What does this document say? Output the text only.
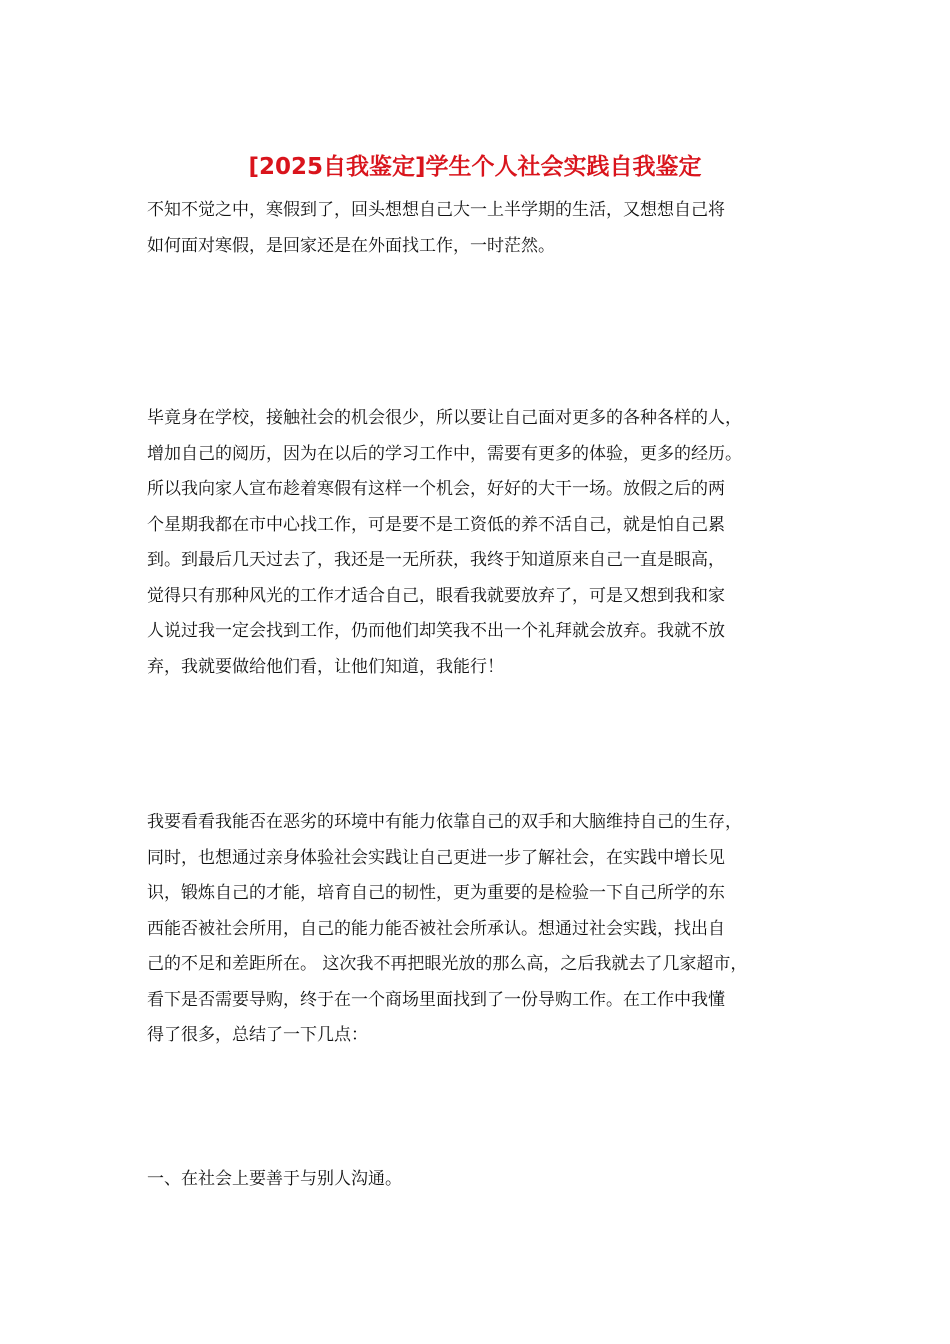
[2025自我鉴定]学生个人社会实践自我鉴定
不知不觉之中，寒假到了，回头想想自己大一上半学期的生活，又想想自己将
如何面对寒假，是回家还是在外面找工作，一时茫然。
毕竟身在学校，接触社会的机会很少，所以要让自己面对更多的各种各样的人，
增加自己的阅历，因为在以后的学习工作中，需要有更多的体验，更多的经历。
所以我向家人宣布趁着寒假有这样一个机会，好好的大干一场。放假之后的两
个星期我都在市中心找工作，可是要不是工资低的养不活自己，就是怕自己累
到。到最后几天过去了，我还是一无所获，我终于知道原来自己一直是眼高，
觉得只有那种风光的工作才适合自己，眼看我就要放弃了，可是又想到我和家
人说过我一定会找到工作，仍而他们却笑我不出一个礼拜就会放弃。我就不放
弃，我就要做给他们看，让他们知道，我能行！
我要看看我能否在恶劣的环境中有能力依靠自己的双手和大脑维持自己的生存，
同时，也想通过亲身体验社会实践让自己更进一步了解社会，在实践中增长见
识，锻炼自己的才能，培育自己的韧性，更为重要的是检验一下自己所学的东
西能否被社会所用，自己的能力能否被社会所承认。想通过社会实践，找出自
己的不足和差距所在。 这次我不再把眼光放的那么高，之后我就去了几家超市，
看下是否需要导购，终于在一个商场里面找到了一份导购工作。在工作中我懂
得了很多，总结了一下几点：
一、在社会上要善于与别人沟通。
